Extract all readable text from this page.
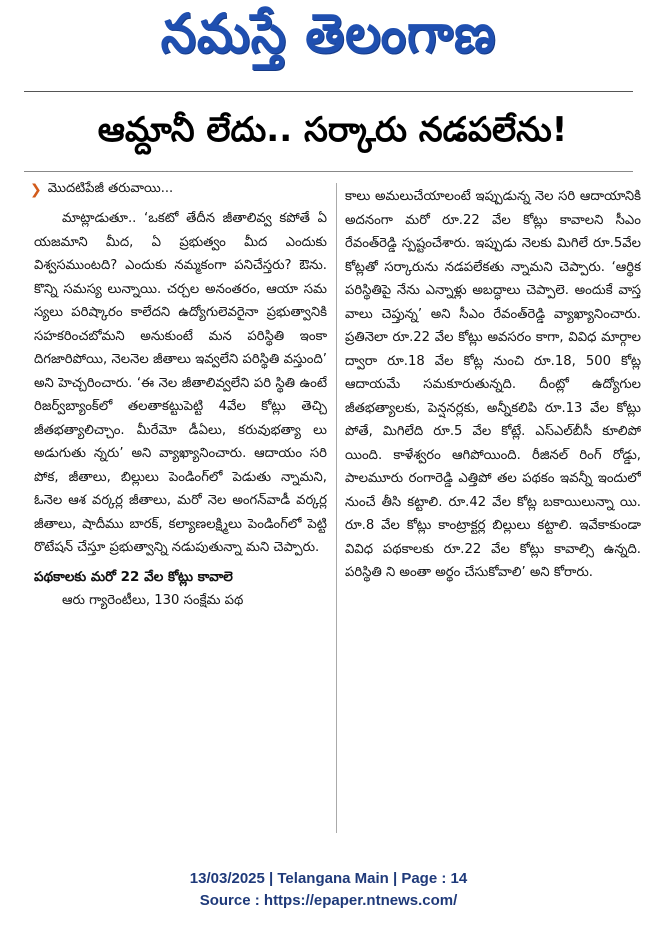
నమస్తే తెలంగాణ
ఆమ్దానీ లేదు.. సర్కారు నడపలేను!
❯ మొదటిపేజీ తరువాయి...

మాట్లాడుతూ.. ‘ఒకటో తేదీన జీతాలివ్వ కపోతే ఏ యజమాని మీద, ఏ ప్రభుత్వం మీద ఎందుకు విశ్వసముంటది? ఎందుకు నమ్మకంగా పనిచేస్తరు? ఔను. కొన్ని సమస్య లున్నాయి. చర్చల అనంతరం, ఆయా సమ స్యలు పరిష్కారం కాలేదని ఉద్యోగులెవరైనా ప్రభుత్వానికి సహకరించబోమని అనుకుంటే మన పరిస్థితి ఇంకా దిగజారిపోయి, నెలనెల జీతాలు ఇవ్వలేని పరిస్థితి వస్తుంది’ అని హెచ్చరించారు. ‘ఈ నెల జీతాలివ్వలేని పరి స్థితి ఉంటే రిజర్వ్‌బ్యాంక్‌లో తలతాకట్టుపెట్టి 4వేల కోట్లు తెచ్చి జీతభత్యాలిచ్చాం. మీరేమో డీఏలు, కరువుభత్యా లు అడుగుతు న్నరు’ అని వ్యాఖ్యానించారు. ఆదాయం సరి పోక, జీతాలు, బిల్లులు పెండింగ్‌లో పెడుతు న్నామని, ఓనెల ఆశ వర్కర్ల జీతాలు, మరో నెల అంగన్‌వాడీ వర్కర్ల జీతాలు, షాదీము బారక్, కల్యాణలక్ష్మిలు పెండింగ్‌లో పెట్టి రొటేషన్ చేస్తూ ప్రభుత్వాన్ని నడుపుతున్నా మని చెప్పారు.

పథకాలకు మరో 22 వేల కోట్లు కావాలె

ఆరు గ్యారెంటీలు, 130 సంక్షేమ పథ

కాలు అమలుచేయాలంటే ఇప్పుడున్న నెల సరి ఆదాయానికి అదనంగా మరో రూ.22 వేల కోట్లు కావాలని సీఎం రేవంత్‌రెడ్డి స్పష్టంచేశారు. ఇప్పుడు నెలకు మిగిలే రూ.5వేల కోట్లతో సర్కారును నడపలేకతు న్నామని చెప్పారు. ‘ఆర్థిక పరిస్థితిపై నేను ఎన్నాళ్లు అబద్ధాలు చెప్పాలె. అందుకే వాస్త వాలు చెప్తున్న’ అని సీఎం రేవంత్‌రెడ్డి వ్యాఖ్యానించారు. ప్రతినెలా రూ.22 వేల కోట్లు అవసరం కాగా, వివిధ మార్గాల ద్వారా రూ.18 వేల కోట్ల నుంచి రూ.18, 500 కోట్ల ఆదాయమే సమకూరుతున్నది. దీంట్లో ఉద్యోగుల జీతభత్యాలకు, పెన్షనర్లకు, అన్నీకలిపి రూ.13 వేల కోట్లు పోతే, మిగిలేది రూ.5 వేల కోట్లే. ఎస్‌ఎల్‌బీసీ కూలిపో యింది. కాళేశ్వరం ఆగిపోయింది. రీజినల్ రింగ్ రోడ్డు, పాలమూరు రంగారెడ్డి ఎత్తిపో తల పథకం ఇవన్నీ ఇందులో నుంచే తీసి కట్టాలి. రూ.42 వేల కోట్ల బకాయిలున్నా యి. రూ.8 వేల కోట్లు కాంట్రాక్టర్ల బిల్లులు కట్టాలి. ఇవేకాకుండా వివిధ పథకాలకు రూ.22 వేల కోట్లు కావాల్సి ఉన్నది. పరిస్థితి ని అంతా అర్థం చేసుకోవాలి’ అని కోరారు.

13/03/2025 | Telangana Main | Page : 14
Source : https://epaper.ntnews.com/
